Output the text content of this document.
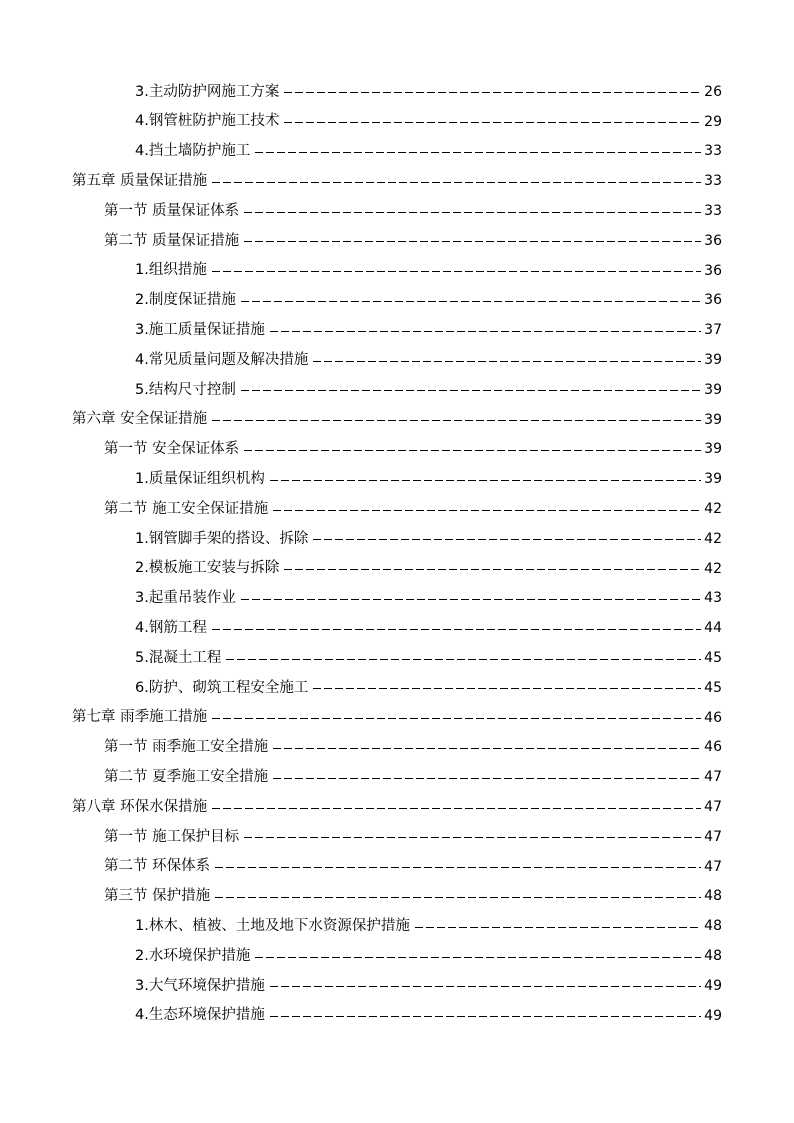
3.主动防护网施工方案	26
4.钢管桩防护施工技术	29
4.挡土墙防护施工	33
第五章 质量保证措施	33
第一节 质量保证体系	33
第二节 质量保证措施	36
1.组织措施	36
2.制度保证措施	36
3.施工质量保证措施	37
4.常见质量问题及解决措施	39
5.结构尺寸控制	39
第六章 安全保证措施	39
第一节 安全保证体系	39
1.质量保证组织机构	39
第二节 施工安全保证措施	42
1.钢管脚手架的搭设、拆除	42
2.模板施工安装与拆除	42
3.起重吊装作业	43
4.钢筋工程	44
5.混凝土工程	45
6.防护、砌筑工程安全施工	45
第七章 雨季施工措施	46
第一节 雨季施工安全措施	46
第二节 夏季施工安全措施	47
第八章 环保水保措施	47
第一节 施工保护目标	47
第二节 环保体系	47
第三节 保护措施	48
1.林木、植被、土地及地下水资源保护措施	48
2.水环境保护措施	48
3.大气环境保护措施	49
4.生态环境保护措施	49
